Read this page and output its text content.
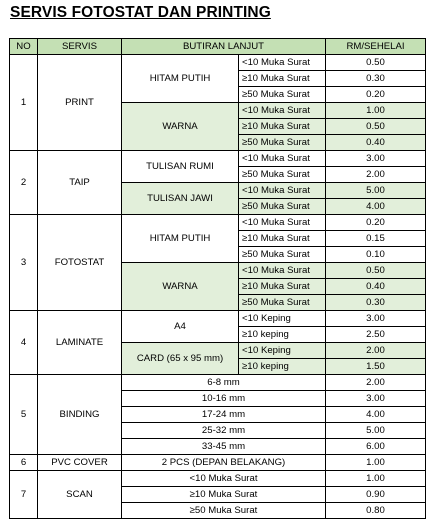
SERVIS FOTOSTAT DAN PRINTING
NO	SERVIS	BUTIRAN LANJUT		RM/SEHELAI
1	PRINT	HITAM PUTIH	<10 Muka Surat	0.50
			≥10 Muka Surat	0.30
			≥50 Muka Surat	0.20
		WARNA	<10 Muka Surat	1.00
			≥10 Muka Surat	0.50
			≥50 Muka Surat	0.40
2	TAIP	TULISAN RUMI	<10 Muka Surat	3.00
			≥50 Muka Surat	2.00
		TULISAN JAWI	<10 Muka Surat	5.00
			≥50 Muka Surat	4.00
3	FOTOSTAT	HITAM PUTIH	<10 Muka Surat	0.20
			≥10 Muka Surat	0.15
			≥50 Muka Surat	0.10
		WARNA	<10 Muka Surat	0.50
			≥10 Muka Surat	0.40
			≥50 Muka Surat	0.30
4	LAMINATE	A4	<10 Keping	3.00
			≥10 keping	2.50
		CARD (65 x 95 mm)	<10 Keping	2.00
			≥10 keping	1.50
5	BINDING	6-8 mm		2.00
		10-16 mm		3.00
		17-24 mm		4.00
		25-32 mm		5.00
		33-45 mm		6.00
6	PVC COVER	2 PCS (DEPAN BELAKANG)		1.00
7	SCAN	<10 Muka Surat		1.00
		≥10 Muka Surat		0.90
		≥50 Muka Surat		0.80
